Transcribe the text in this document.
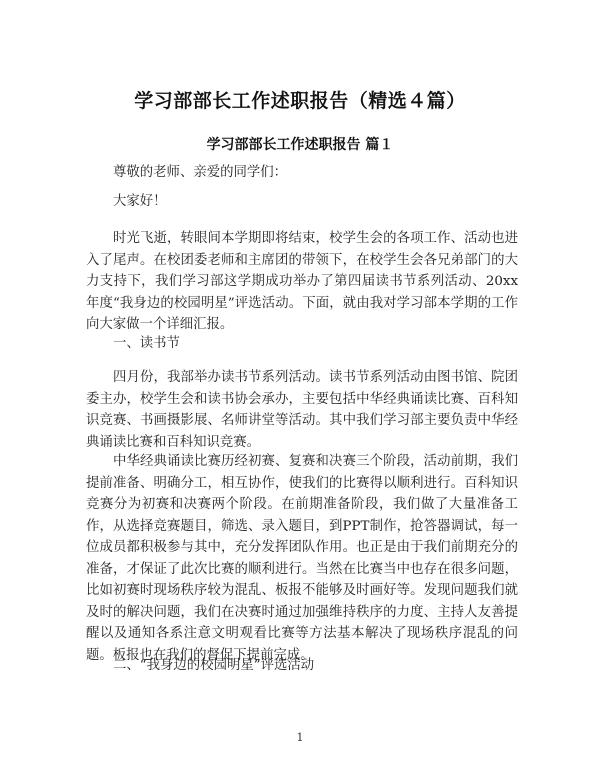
学习部部长工作述职报告（精选４篇）
学习部部长工作述职报告 篇１
尊敬的老师、亲爱的同学们：
大家好！
时光飞逝，转眼间本学期即将结束，校学生会的各项工作、活动也进入了尾声。在校团委老师和主席团的带领下，在校学生会各兄弟部门的大力支持下，我们学习部这学期成功举办了第四届读书节系列活动、20xx年度“我身边的校园明星”评选活动。下面，就由我对学习部本学期的工作向大家做一个详细汇报。
一、读书节
四月份，我部举办读书节系列活动。读书节系列活动由图书馆、院团委主办，校学生会和读书协会承办，主要包括中华经典诵读比赛、百科知识竞赛、书画摄影展、名师讲堂等活动。其中我们学习部主要负责中华经典诵读比赛和百科知识竞赛。
中华经典诵读比赛历经初赛、复赛和决赛三个阶段，活动前期，我们提前准备、明确分工，相互协作，使我们的比赛得以顺利进行。百科知识竞赛分为初赛和决赛两个阶段。在前期准备阶段，我们做了大量准备工作，从选择竞赛题目，筛选、录入题目，到PPT制作，抢答器调试，每一位成员都积极参与其中，充分发挥团队作用。也正是由于我们前期充分的准备，才保证了此次比赛的顺利进行。当然在比赛当中也存在很多问题，比如初赛时现场秩序较为混乱、板报不能够及时画好等。发现问题我们就及时的解决问题，我们在决赛时通过加强维持秩序的力度、主持人友善提醒以及通知各系注意文明观看比赛等方法基本解决了现场秩序混乱的问题。板报也在我们的督促下提前完成。
二、“我身边的校园明星”评选活动
1
